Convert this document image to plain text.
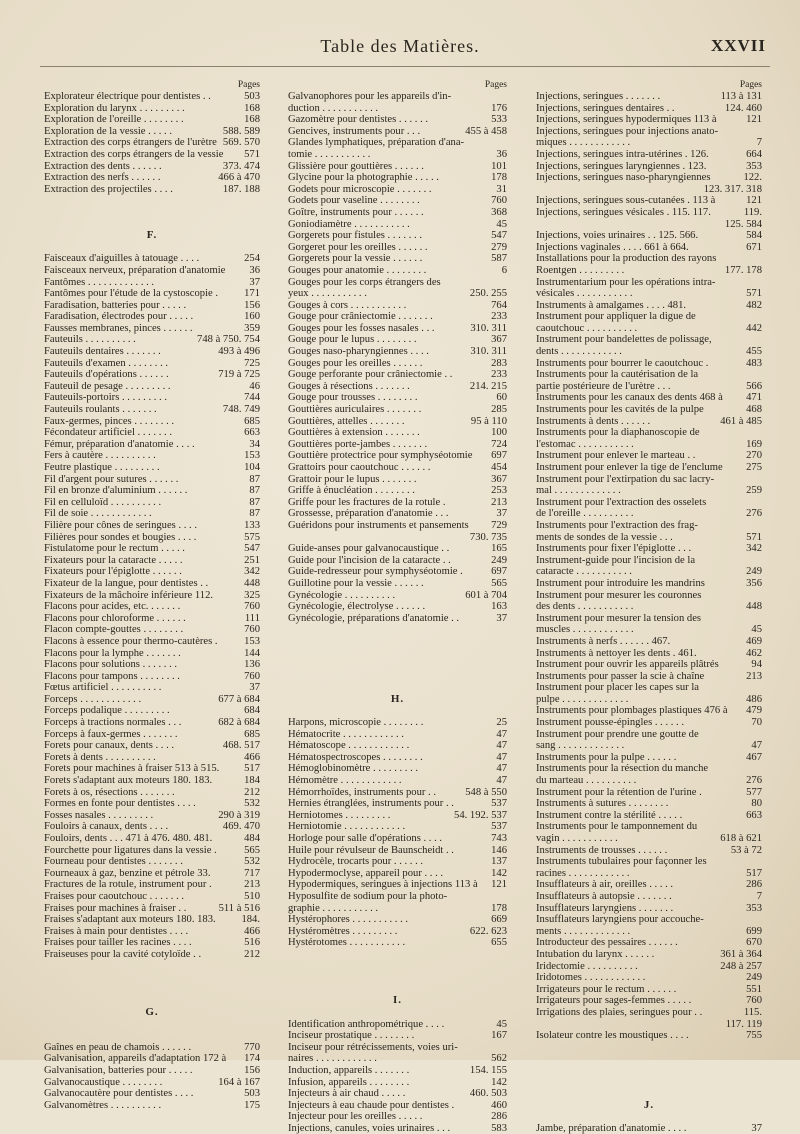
Table des Matières.	XXVII
Pages
Explorateur électrique pour dentistes . .	503
Exploration du larynx . . . . . . . . .	168
Exploration de l'oreille . . . . . . . .	168
Exploration de la vessie . . . . .	588. 589
Extraction des corps étrangers de l'urètre 569. 570
Extraction des corps étrangers de la vessie	571
Extraction des dents . . . . . .	373. 474
Extraction des nerfs . . . . . .	466 à 470
Extraction des projectiles . . . .	187. 188
F.
Faisceaux d'aiguilles à tatouage . . . .	254
Faisceaux nerveux, préparation d'anatomie	36
Fantômes . . . . . . . . . . . . .	37
Fantômes pour l'étude de la cystoscopie .	171
Faradisation, batteries pour . . . . .	156
Faradisation, électrodes pour . . . . .	160
Fausses membranes, pinces . . . . . .	359
Fauteuils . . . . . . . . . .	748 à 750. 754
Fauteuils dentaires . . . . . . .	493 à 496
Fauteuils d'examen . . . . . . . .	725
Fauteuils d'opérations . . . . . .	719 à 725
Fauteuil de pesage . . . . . . . . .	46
Fauteuils-portoirs . . . . . . . . .	744
Fauteuils roulants . . . . . . .	748. 749
Faux-germes, pinces . . . . . . . .	685
Fécondateur artificiel . . . . . . .	663
Fémur, préparation d'anatomie . . . .	34
Fers à cautère . . . . . . . . . .	153
Feutre plastique . . . . . . . . .	104
Fil d'argent pour sutures . . . . . .	87
Fil en bronze d'aluminium . . . . . .	87
Fil en celluloïd . . . . . . . . . .	87
Fil de soie . . . . . . . . . . . .	87
Filière pour cônes de seringues . . . .	133
Filières pour sondes et bougies . . . .	575
Fistulatome pour le rectum . . . . .	547
Fixateurs pour la cataracte . . . . .	251
Fixateurs pour l'épiglotte . . . . . .	342
Fixateur de la langue, pour dentistes . .	448
Fixateurs de la mâchoire inférieure 112.	325
Flacons pour acides, etc. . . . . . .	760
Flacons pour chloroforme . . . . . .	111
Flacon compte-gouttes . . . . . . . .	760
Flacons à essence pour thermo-cautères .	153
Flacons pour la lymphe . . . . . . .	144
Flacons pour solutions . . . . . . .	136
Flacons pour tampons . . . . . . . .	760
Fœtus artificiel . . . . . . . . . .	37
Forceps . . . . . . . . . . . .	677 à 684
Forceps podalique . . . . . . . . .	684
Forceps à tractions normales . . .	682 à 684
Forceps à faux-germes . . . . . . .	685
Forets pour canaux, dents . . . .	468. 517
Forets à dents . . . . . . . . . .	466
Forets pour machines à fraiser 513 à 515.	517
Forets s'adaptant aux moteurs 180. 183.	184
Forets à os, résections . . . . . . .	212
Formes en fonte pour dentistes . . . .	532
Fosses nasales . . . . . . . . .	290 à 319
Fouloirs à canaux, dents . . . .	469. 470
Fouloirs, dents . . . 471 à 476. 480. 481.	484
Fourchette pour ligatures dans la vessie .	565
Fourneau pour dentistes . . . . . . .	532
Fourneaux à gaz, benzine et pétrole 33.	717
Fractures de la rotule, instrument pour .	213
Fraises pour caoutchouc . . . . . . .	510
Fraises pour machines à fraiser . .	511 à 516
Fraises s'adaptant aux moteurs 180. 183.	184.
Fraises à main pour dentistes . . . .	466
Fraises pour tailler les racines . . . .	516
Fraiseuses pour la cavité cotyloïde . .	212
G.
Gaînes en peau de chamois . . . . . .	770
Galvanisation, appareils d'adaptation 172 à	174
Galvanisation, batteries pour . . . . .	156
Galvanocaustique . . . . . . . .	164 à 167
Galvanocautère pour dentistes . . . .	503
Galvanomètres . . . . . . . . . .	175
Pages
Galvanophores pour les appareils d'in-
duction . . . . . . . . . . .	176
Gazomètre pour dentistes . . . . . .	533
Gencives, instruments pour . . .	455 à 458
Glandes lymphatiques, préparation d'ana-
tomie . . . . . . . . . . .	36
Glissière pour gouttières . . . . . .	101
Glycine pour la photographie . . . . .	178
Godets pour microscopie . . . . . . .	31
Godets pour vaseline . . . . . . . .	760
Goître, instruments pour . . . . . .	368
Goniodiamètre . . . . . . . . . . .	45
Gorgerets pour fistules . . . . . . .	547
Gorgeret pour les oreilles . . . . . .	279
Gorgerets pour la vessie . . . . . .	587
Gouges pour anatomie . . . . . . . .	6
Gouges pour les corps étrangers des
yeux . . . . . . . . . . .	250. 255
Gouges à cors . . . . . . . . . . .	764
Gouge pour crâniectomie . . . . . . .	233
Gouges pour les fosses nasales . . .	310. 311
Gouge pour le lupus . . . . . . . .	367
Gouges naso-pharyngiennes . . . .	310. 311
Gouges pour les oreilles . . . . . .	283
Gouge perforante pour crâniectomie . .	233
Gouges à résections . . . . . . .	214. 215
Gouge pour trousses . . . . . . . .	60
Gouttières auriculaires . . . . . . .	285
Gouttières, attelles . . . . . . .	95 à 110
Gouttières à extension . . . . . . .	100
Gouttières porte-jambes . . . . . . .	724
Gouttière protectrice pour symphyséotomie	697
Grattoirs pour caoutchouc . . . . . .	454
Grattoir pour le lupus . . . . . . .	367
Griffe à énucléation . . . . . . . .	253
Griffe pour les fractures de la rotule .	213
Grossesse, préparation d'anatomie . . .	37
Guéridons pour instruments et pansements	729
730. 735
Guide-anses pour galvanocaustique . .	165
Guide pour l'incision de la cataracte . .	249
Guide-redresseur pour symphyséotomie .	697
Guillotine pour la vessie . . . . . .	565
Gynécologie . . . . . . . . . .	601 à 704
Gynécologie, électrolyse . . . . . .	163
Gynécologie, préparations d'anatomie . .	37
H.
Harpons, microscopie . . . . . . . .	25
Hématocrite . . . . . . . . . . . .	47
Hématoscope . . . . . . . . . . . .	47
Hématospectroscopes . . . . . . . .	47
Hémoglobinomètre . . . . . . . . .	47
Hémomètre . . . . . . . . . . . .	47
Hémorrhoïdes, instruments pour . .	548 à 550
Hernies étranglées, instruments pour . .	537
Herniotomes . . . . . . . . .	54. 192. 537
Herniotomie . . . . . . . . . . . .	537
Horloge pour salle d'opérations . . . .	743
Huile pour révulseur de Baunscheidt . .	146
Hydrocèle, trocarts pour . . . . . .	137
Hypodermoclyse, appareil pour . . . .	142
Hypodermiques, seringues à injections 113 à	121
Hyposulfite de sodium pour la photo-
graphie . . . . . . . . . . .	178
Hystérophores . . . . . . . . . . .	669
Hystéromètres . . . . . . . . .	622. 623
Hystérotomes . . . . . . . . . . .	655
I.
Identification anthropométrique . . . .	45
Inciseur prostatique . . . . . . . .	167
Inciseur pour rétrécissements, voies uri-
naires . . . . . . . . . . . .	562
Induction, appareils . . . . . . .	154. 155
Infusion, appareils . . . . . . . .	142
Injecteurs à air chaud . . . . .	460. 503
Injecteurs à eau chaude pour dentistes .	460
Injecteur pour les oreilles . . . . .	286
Injections, canules, voies urinaires . . .	583
Pages
Injections, seringues . . . . . . .	113 à 131
Injections, seringues dentaires . .	124. 460
Injections, seringues hypodermiques 113 à	121
Injections, seringues pour injections anato-
miques . . . . . . . . . . . .	7
Injections, seringues intra-utérines . 126.	664
Injections, seringues laryngiennes . 123.	353
Injections, seringues naso-pharyngiennes	122.
123. 317. 318
Injections, seringues sous-cutanées . 113 à	121
Injections, seringues vésicales . 115. 117.	119.
125. 584
Injections, voies urinaires . . 125. 566.	584
Injections vaginales . . . . 661 à 664.	671
Installations pour la production des rayons
Roentgen . . . . . . . . .	177. 178
Instrumentarium pour les opérations intra-
vésicales . . . . . . . . . . .	571
Instruments à amalgames . . . . 481.	482
Instrument pour appliquer la digue de
caoutchouc . . . . . . . . . .	442
Instrument pour bandelettes de polissage,
dents . . . . . . . . . . . .	455
Instruments pour bourrer le caoutchouc .	483
Instruments pour la cautérisation de la
partie postérieure de l'urètre . . .	566
Instruments pour les canaux des dents 468 à	471
Instruments pour les cavités de la pulpe	468
Instruments à dents . . . . . .	461 à 485
Instruments pour la diaphanoscopie de
l'estomac . . . . . . . . . . .	169
Instrument pour enlever le marteau . .	270
Instrument pour enlever la tige de l'enclume	275
Instrument pour l'extirpation du sac lacry-
mal . . . . . . . . . . . . .	259
Instrument pour l'extraction des osselets
de l'oreille . . . . . . . . . .	276
Instruments pour l'extraction des frag-
ments de sondes de la vessie . . .	571
Instruments pour fixer l'épiglotte . . .	342
Instrument-guide pour l'incision de la
cataracte . . . . . . . . . . .	249
Instrument pour introduire les mandrins	356
Instrument pour mesurer les couronnes
des dents . . . . . . . . . . .	448
Instrument pour mesurer la tension des
muscles . . . . . . . . . . . .	45
Instruments à nerfs . . . . . . 467.	469
Instruments à nettoyer les dents . 461.	462
Instrument pour ouvrir les appareils plâtrés	94
Instruments pour passer la scie à chaîne	213
Instrument pour placer les capes sur la
pulpe . . . . . . . . . . . . .	486
Instruments pour plombages plastiques 476 à	479
Instrument pousse-épingles . . . . . .	70
Instrument pour prendre une goutte de
sang . . . . . . . . . . . . .	47
Instruments pour la pulpe . . . . . .	467
Instruments pour la résection du manche
du marteau . . . . . . . . . .	276
Instrument pour la rétention de l'urine .	577
Instruments à sutures . . . . . . . .	80
Instrument contre la stérilité . . . . .	663
Instruments pour le tamponnement du
vagin . . . . . . . . . . .	618 à 621
Instruments de trousses . . . . . .	53 à 72
Instruments tubulaires pour façonner les
racines . . . . . . . . . . . .	517
Insufflateurs à air, oreilles . . . . .	286
Insufflateurs à autopsie . . . . . . .	7
Insufflateurs laryngiens . . . . . . .	353
Insufflateurs laryngiens pour accouche-
ments . . . . . . . . . . . . .	699
Introducteur des pessaires . . . . . .	670
Intubation du larynx . . . . . .	361 à 364
Iridectomie . . . . . . . . . .	248 à 257
Iridotomes . . . . . . . . . . . .	249
Irrigateurs pour le rectum . . . . . .	551
Irrigateurs pour sages-femmes . . . . .	760
Irrigations des plaies, seringues pour . .	115.
117. 119
Isolateur contre les moustiques . . . .	755
J.
Jambe, préparation d'anatomie . . . .	37
